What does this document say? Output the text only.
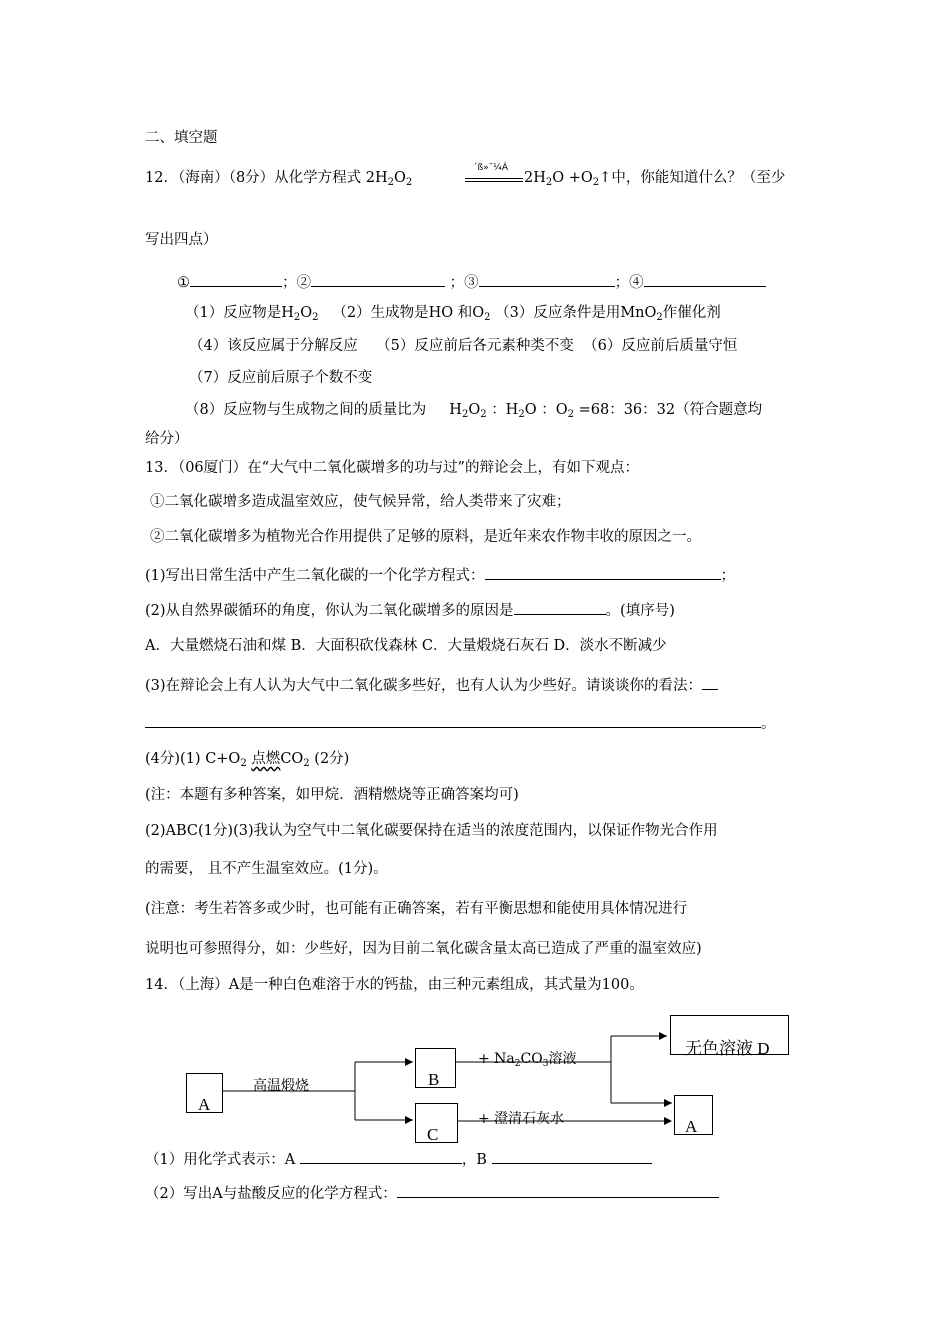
二、填空题
12．（海南）（8分）从化学方程式 $2H_2O_2$
´ß»¯¼Á
$2H_2O$ $+O_2↑$中，你能知道什么？（至少
写出四点）
①	；②	；③	；④
（1）反应物是$H_2O_2$ （2）生成物是HO 和$O_2$ （3）反应条件是用MnO$_2$作催化剂
（4）该反应属于分解反应 （5）反应前后各元素种类不变 （6）反应前后质量守恒
（7）反应前后原子个数不变
（8）反应物与生成物之间的质量比为 $H_2O_2$ ：$H_2O$ ：$O_2 =68$：36：32（符合题意均
给分）
13．（06厦门）在“大气中二氧化碳增多的功与过”的辩论会上，有如下观点：
①二氧化碳增多造成温室效应，使气候异常，给人类带来了灾难；
②二氧化碳增多为植物光合作用提供了足够的原料，是近年来农作物丰收的原因之一。
(1)写出日常生活中产生二氧化碳的一个化学方程式：	；
(2)从自然界碳循环的角度，你认为二氧化碳增多的原因是	。(填序号)
A．大量燃烧石油和煤 B．大面积砍伐森林 C．大量煅烧石灰石 D．淡水不断减少
(3)在辩论会上有人认为大气中二氧化碳多些好，也有人认为少些好。请谈谈你的看法：
。
(4分)(1) $C+O_2$ 点燃$CO_2$ (2分)
(注：本题有多种答案，如甲烷．酒精燃烧等正确答案均可)
(2)ABC(1分)(3)我认为空气中二氧化碳要保持在适当的浓度范围内，以保证作物光合作用
的需要， 且不产生温室效应。(1分)。
(注意：考生若答多或少时，也可能有正确答案，若有平衡思想和能使用具体情况进行
说明也可参照得分，如：少些好，因为目前二氧化碳含量太高已造成了严重的温室效应)
14．（上海）A是一种白色难溶于水的钙盐，由三种元素组成，其式量为100。
A
B
C
无色溶液 D
A
高温煅烧
+ $Na_2CO_3$溶液
+ 澄清石灰水
（1）用化学式表示：A	，B
（2）写出A与盐酸反应的化学方程式：
